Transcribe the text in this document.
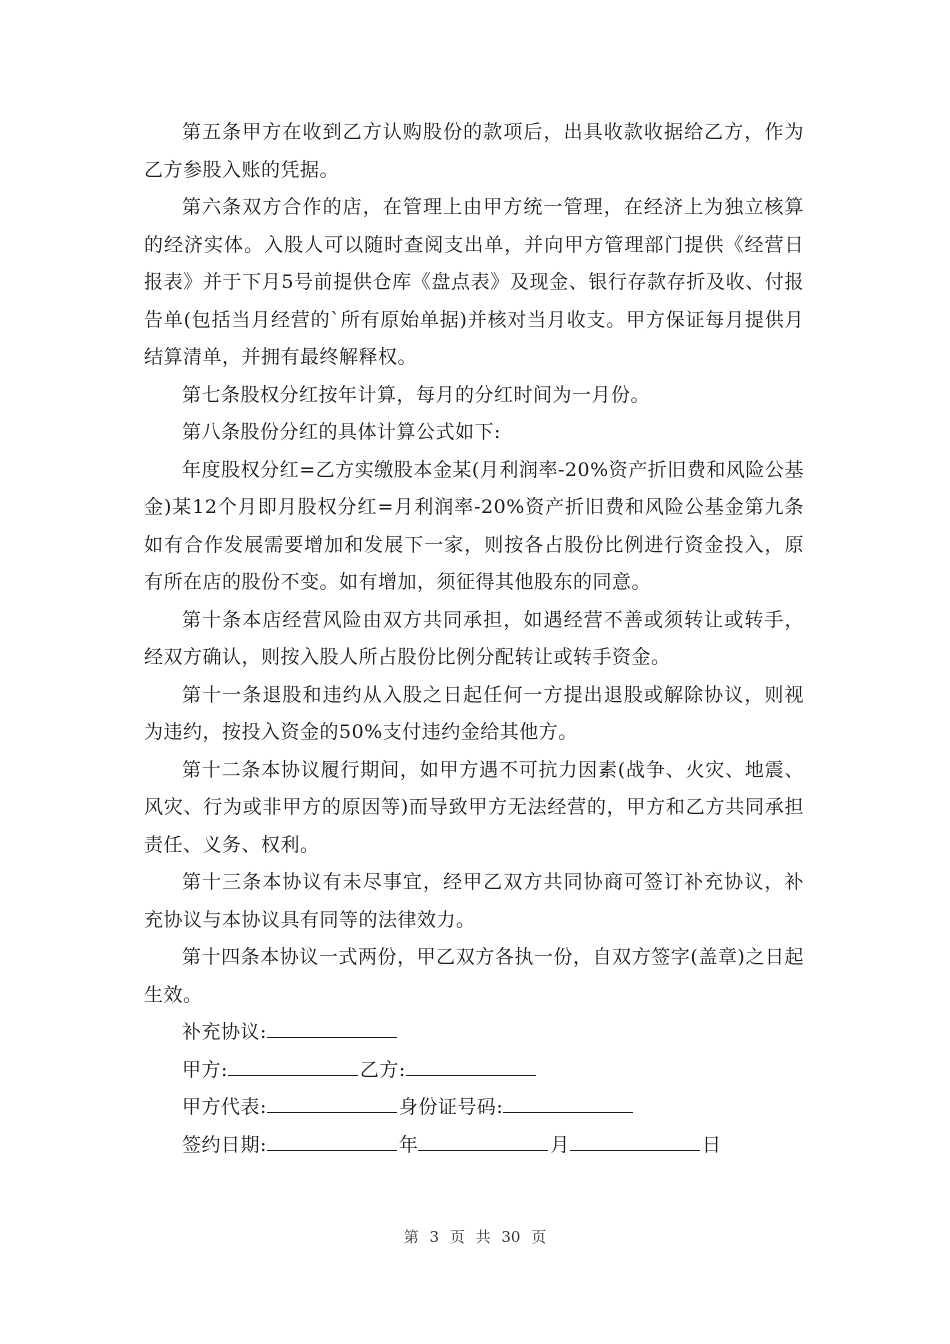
第五条甲方在收到乙方认购股份的款项后，出具收款收据给乙方，作为乙方参股入账的凭据。

第六条双方合作的店，在管理上由甲方统一管理，在经济上为独立核算的经济实体。入股人可以随时查阅支出单，并向甲方管理部门提供《经营日报表》并于下月5号前提供仓库《盘点表》及现金、银行存款存折及收、付报告单(包括当月经营的`所有原始单据)并核对当月收支。甲方保证每月提供月结算清单，并拥有最终解释权。

第七条股权分红按年计算，每月的分红时间为一月份。

第八条股份分红的具体计算公式如下:

年度股权分红=乙方实缴股本金某(月利润率-20%资产折旧费和风险公基金)某12个月即月股权分红=月利润率-20%资产折旧费和风险公基金第九条如有合作发展需要增加和发展下一家，则按各占股份比例进行资金投入，原有所在店的股份不变。如有增加，须征得其他股东的同意。

第十条本店经营风险由双方共同承担，如遇经营不善或须转让或转手，经双方确认，则按入股人所占股份比例分配转让或转手资金。

第十一条退股和违约从入股之日起任何一方提出退股或解除协议，则视为违约，按投入资金的50%支付违约金给其他方。

第十二条本协议履行期间，如甲方遇不可抗力因素(战争、火灾、地震、风灾、行为或非甲方的原因等)而导致甲方无法经营的，甲方和乙方共同承担责任、义务、权利。

第十三条本协议有未尽事宜，经甲乙双方共同协商可签订补充协议，补充协议与本协议具有同等的法律效力。

第十四条本协议一式两份，甲乙双方各执一份，自双方签字(盖章)之日起生效。

补充协议:
甲方:	乙方:
甲方代表:	身份证号码:
签约日期:	年	月	日
第 3 页 共 30 页
